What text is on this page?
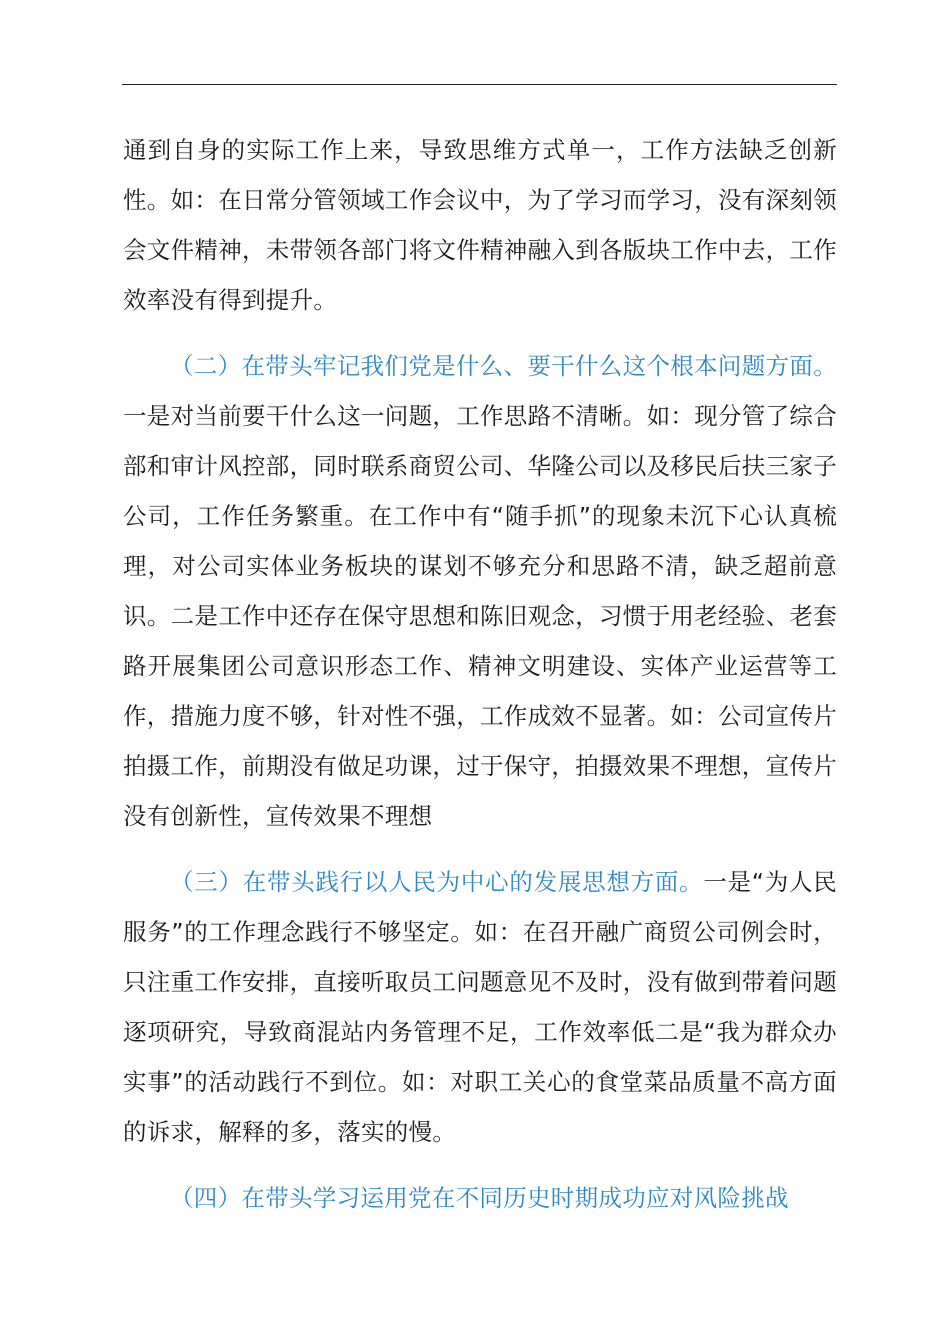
通到自身的实际工作上来，导致思维方式单一，工作方法缺乏创新性。如：在日常分管领域工作会议中，为了学习而学习，没有深刻领会文件精神，未带领各部门将文件精神融入到各版块工作中去，工作效率没有得到提升。

（二）在带头牢记我们党是什么、要干什么这个根本问题方面。一是对当前要干什么这一问题，工作思路不清晰。如：现分管了综合部和审计风控部，同时联系商贸公司、华隆公司以及移民后扶三家子公司，工作任务繁重。在工作中有“随手抓”的现象未沉下心认真梳理，对公司实体业务板块的谋划不够充分和思路不清，缺乏超前意识。二是工作中还存在保守思想和陈旧观念，习惯于用老经验、老套路开展集团公司意识形态工作、精神文明建设、实体产业运营等工作，措施力度不够，针对性不强，工作成效不显著。如：公司宣传片拍摄工作，前期没有做足功课，过于保守，拍摄效果不理想，宣传片没有创新性，宣传效果不理想

（三）在带头践行以人民为中心的发展思想方面。一是“为人民服务”的工作理念践行不够坚定。如：在召开融广商贸公司例会时，只注重工作安排，直接听取员工问题意见不及时，没有做到带着问题逐项研究，导致商混站内务管理不足，工作效率低二是“我为群众办实事”的活动践行不到位。如：对职工关心的食堂菜品质量不高方面的诉求，解释的多，落实的慢。

（四）在带头学习运用党在不同历史时期成功应对风险挑战
